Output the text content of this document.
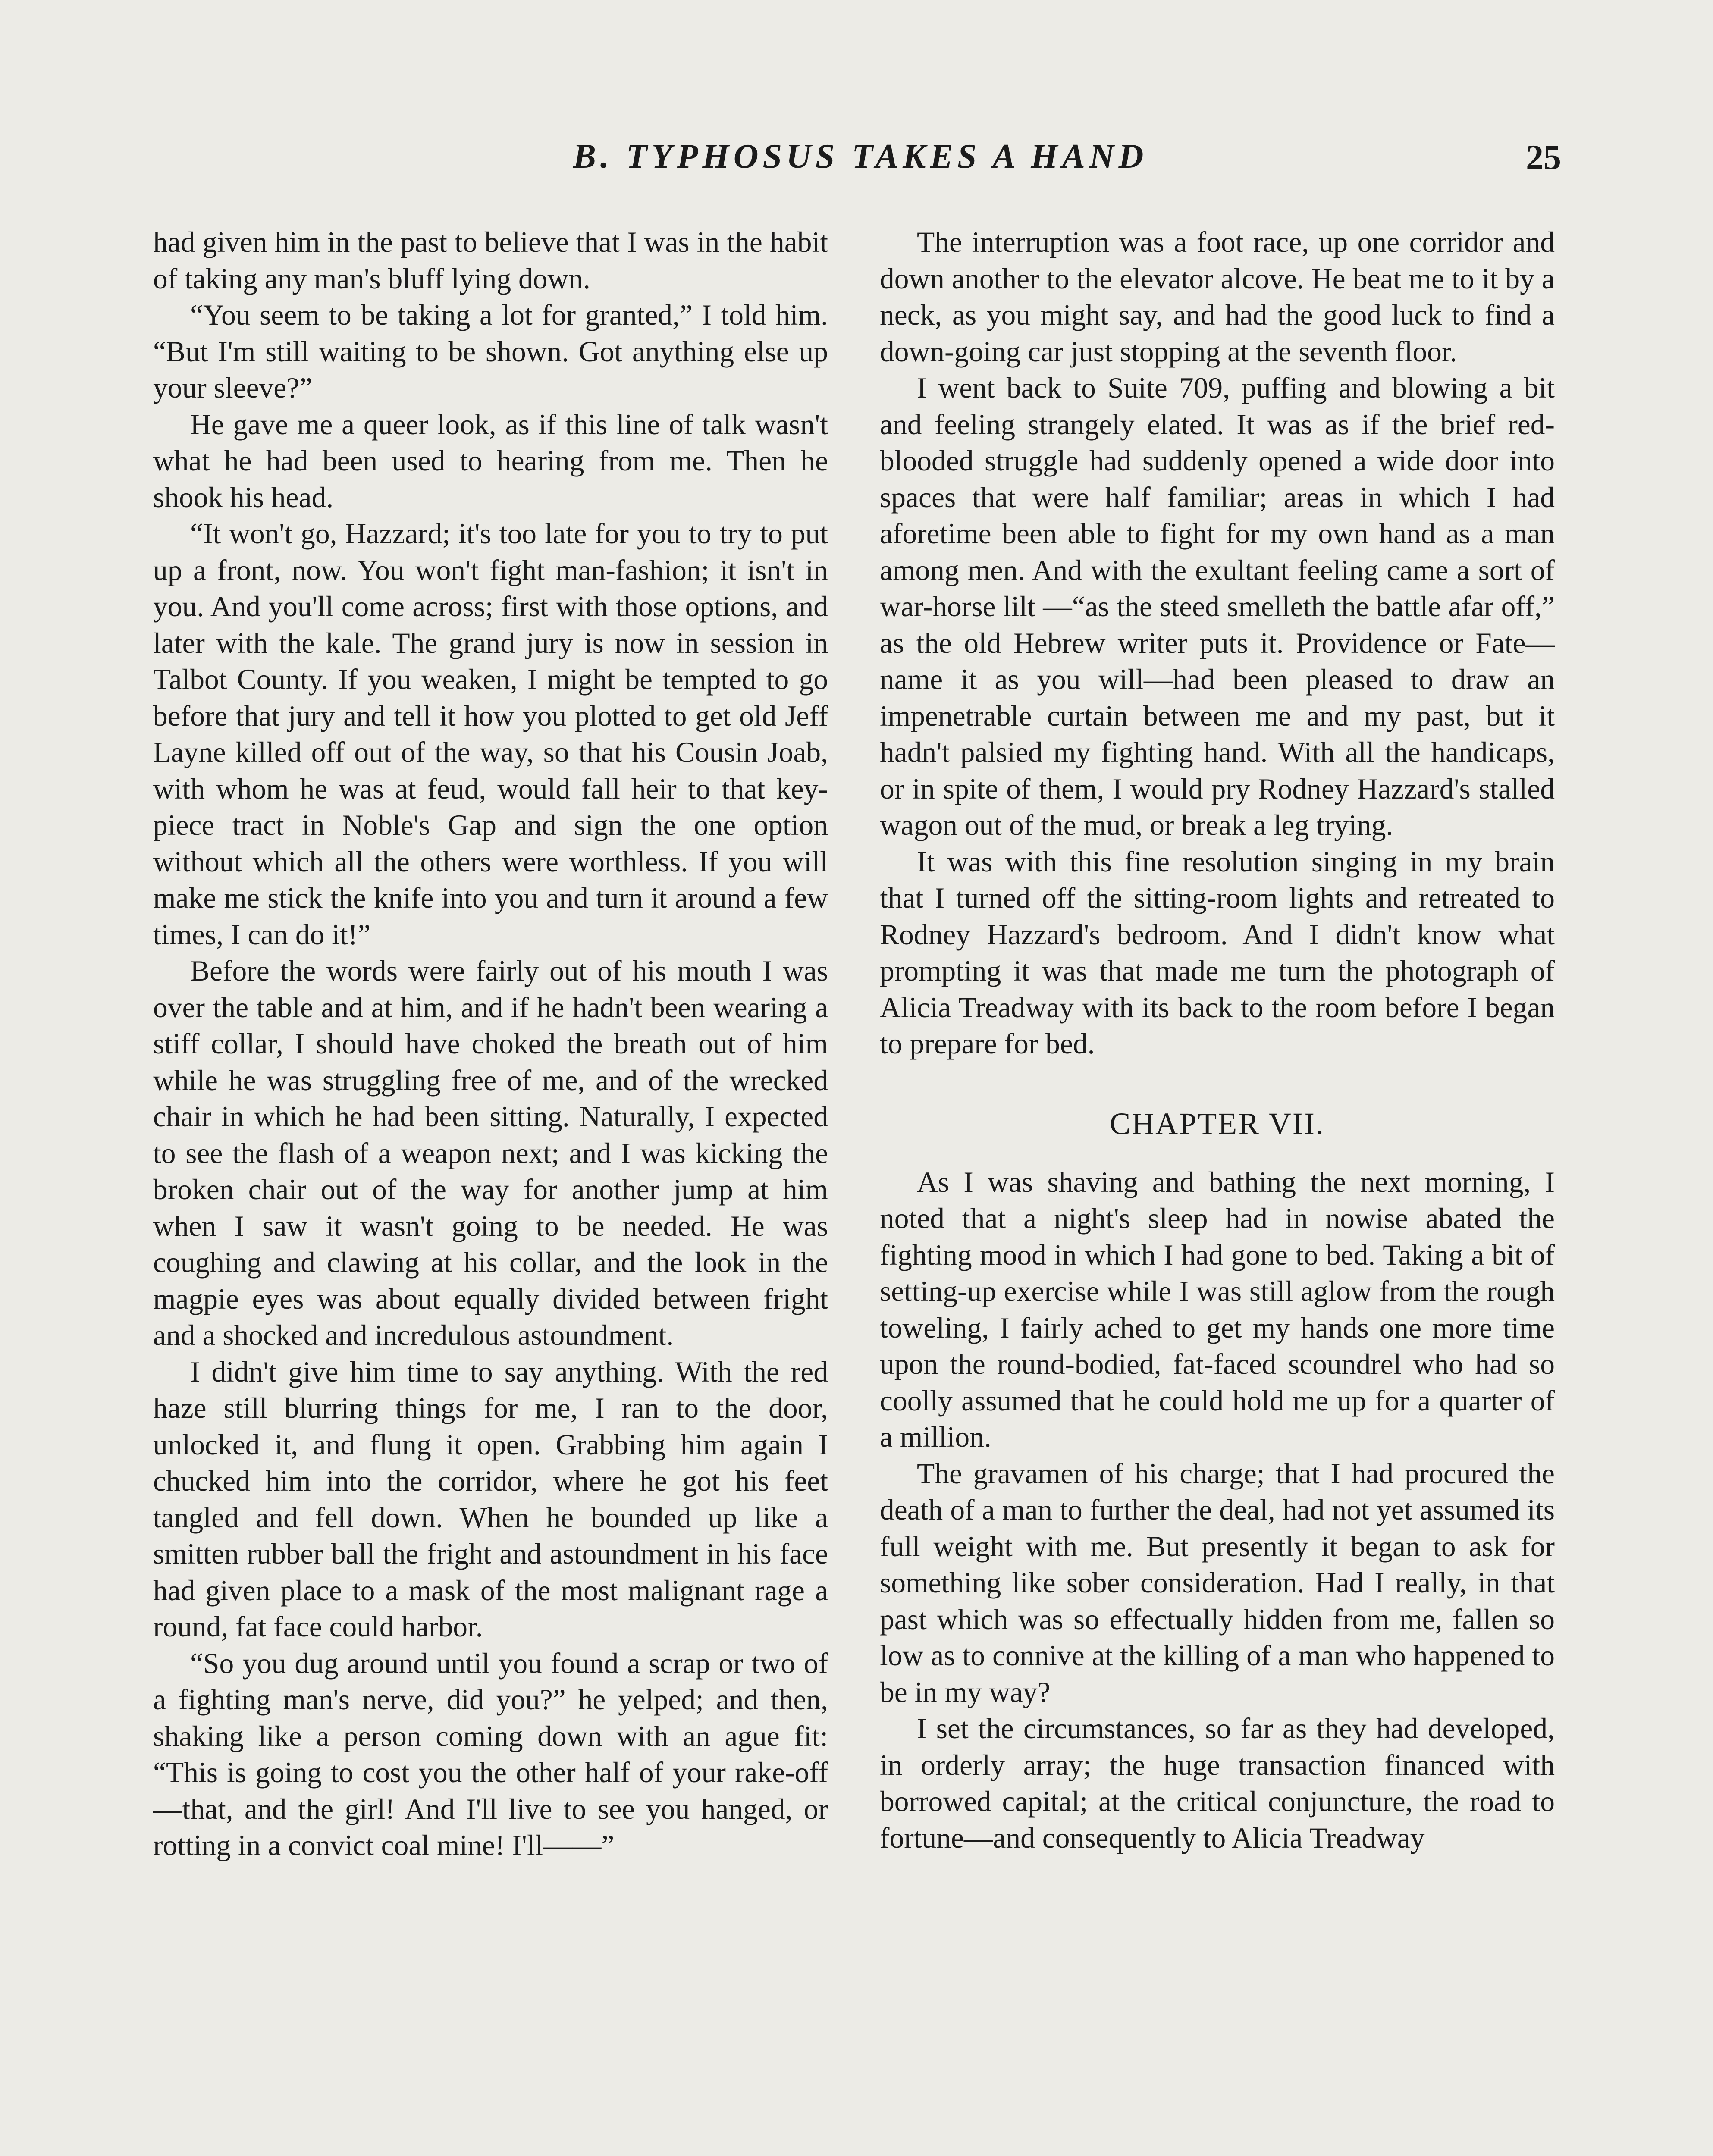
B. TYPHOSUS TAKES A HAND	25

had given him in the past to believe that I was in the habit of taking any man's bluff lying down.

“You seem to be taking a lot for granted,” I told him. “But I'm still waiting to be shown. Got anything else up your sleeve?”

He gave me a queer look, as if this line of talk wasn't what he had been used to hearing from me. Then he shook his head.

“It won't go, Hazzard; it's too late for you to try to put up a front, now. You won't fight man-fashion; it isn't in you. And you'll come across; first with those options, and later with the kale. The grand jury is now in session in Talbot County. If you weaken, I might be tempted to go before that jury and tell it how you plotted to get old Jeff Layne killed off out of the way, so that his Cousin Joab, with whom he was at feud, would fall heir to that key-piece tract in Noble's Gap and sign the one option without which all the others were worthless. If you will make me stick the knife into you and turn it around a few times, I can do it!”

Before the words were fairly out of his mouth I was over the table and at him, and if he hadn't been wearing a stiff collar, I should have choked the breath out of him while he was struggling free of me, and of the wrecked chair in which he had been sitting. Naturally, I expected to see the flash of a weapon next; and I was kicking the broken chair out of the way for another jump at him when I saw it wasn't going to be needed. He was coughing and clawing at his collar, and the look in the magpie eyes was about equally divided between fright and a shocked and incredulous astoundment.

I didn't give him time to say anything. With the red haze still blurring things for me, I ran to the door, unlocked it, and flung it open. Grabbing him again I chucked him into the corridor, where he got his feet tangled and fell down. When he bounded up like a smitten rubber ball the fright and astoundment in his face had given place to a mask of the most malignant rage a round, fat face could harbor.

“So you dug around until you found a scrap or two of a fighting man's nerve, did you?” he yelped; and then, shaking like a person coming down with an ague fit: “This is going to cost you the other half of your rake-off—that, and the girl! And I'll live to see you hanged, or rotting in a convict coal mine! I'll——”

The interruption was a foot race, up one corridor and down another to the elevator alcove. He beat me to it by a neck, as you might say, and had the good luck to find a down-going car just stopping at the seventh floor.

I went back to Suite 709, puffing and blowing a bit and feeling strangely elated. It was as if the brief red-blooded struggle had suddenly opened a wide door into spaces that were half familiar; areas in which I had aforetime been able to fight for my own hand as a man among men. And with the exultant feeling came a sort of war-horse lilt —“as the steed smelleth the battle afar off,” as the old Hebrew writer puts it. Providence or Fate—name it as you will—had been pleased to draw an impenetrable curtain between me and my past, but it hadn't palsied my fighting hand. With all the handicaps, or in spite of them, I would pry Rodney Hazzard's stalled wagon out of the mud, or break a leg trying.

It was with this fine resolution singing in my brain that I turned off the sitting-room lights and retreated to Rodney Hazzard's bedroom. And I didn't know what prompting it was that made me turn the photograph of Alicia Treadway with its back to the room before I began to prepare for bed.

CHAPTER VII.

As I was shaving and bathing the next morning, I noted that a night's sleep had in nowise abated the fighting mood in which I had gone to bed. Taking a bit of setting-up exercise while I was still aglow from the rough toweling, I fairly ached to get my hands one more time upon the round-bodied, fat-faced scoundrel who had so coolly assumed that he could hold me up for a quarter of a million.

The gravamen of his charge; that I had procured the death of a man to further the deal, had not yet assumed its full weight with me. But presently it began to ask for something like sober consideration. Had I really, in that past which was so effectually hidden from me, fallen so low as to connive at the killing of a man who happened to be in my way?

I set the circumstances, so far as they had developed, in orderly array; the huge transaction financed with borrowed capital; at the critical conjuncture, the road to fortune—and consequently to Alicia Treadway
